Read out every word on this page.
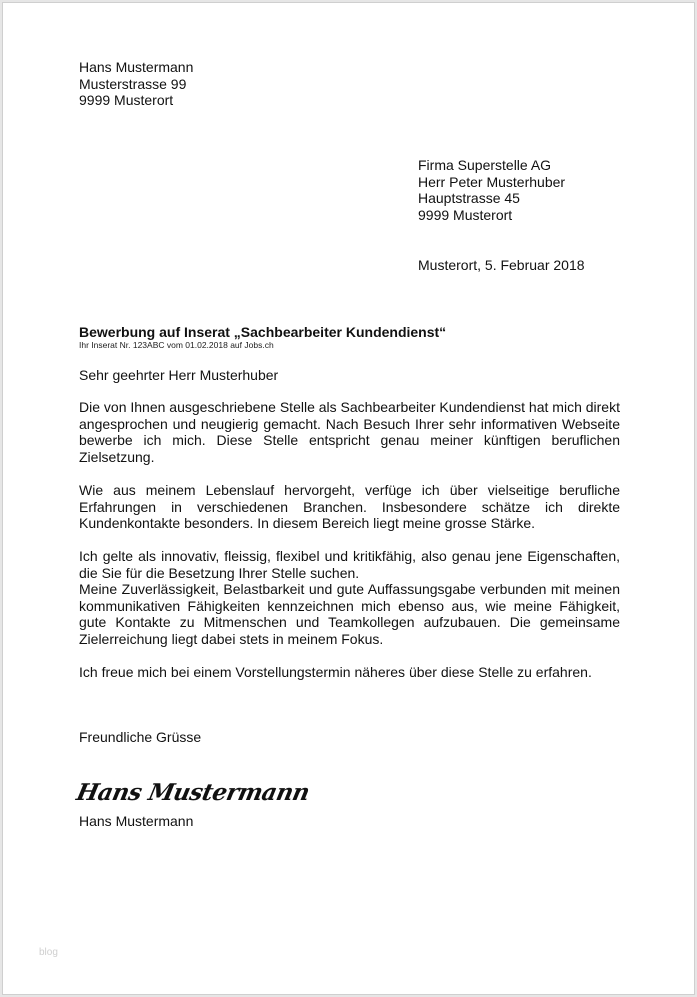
Hans Mustermann
Musterstrasse 99
9999 Musterort
Firma Superstelle AG
Herr Peter Musterhuber
Hauptstrasse 45
9999 Musterort
Musterort, 5. Februar 2018
Bewerbung auf Inserat „Sachbearbeiter Kundendienst“
Ihr Inserat Nr. 123ABC vom 01.02.2018 auf Jobs.ch
Sehr geehrter Herr Musterhuber

Die von Ihnen ausgeschriebene Stelle als Sachbearbeiter Kundendienst hat mich direkt angesprochen und neugierig gemacht. Nach Besuch Ihrer sehr informativen Webseite bewerbe ich mich. Diese Stelle entspricht genau meiner künftigen beruflichen Zielsetzung.

Wie aus meinem Lebenslauf hervorgeht, verfüge ich über vielseitige berufliche Erfahrungen in verschiedenen Branchen. Insbesondere schätze ich direkte Kundenkontakte besonders. In diesem Bereich liegt meine grosse Stärke.

Ich gelte als innovativ, fleissig, flexibel und kritikfähig, also genau jene Eigenschaften, die Sie für die Besetzung Ihrer Stelle suchen.

Meine Zuverlässigkeit, Belastbarkeit und gute Auffassungsgabe verbunden mit meinen kommunikativen Fähigkeiten kennzeichnen mich ebenso aus, wie meine Fähigkeit, gute Kontakte zu Mitmenschen und Teamkollegen aufzubauen. Die gemeinsame Zielerreichung liegt dabei stets in meinem Fokus.

Ich freue mich bei einem Vorstellungstermin näheres über diese Stelle zu erfahren.

Freundliche Grüsse
Hans Mustermann
Hans Mustermann
blog
